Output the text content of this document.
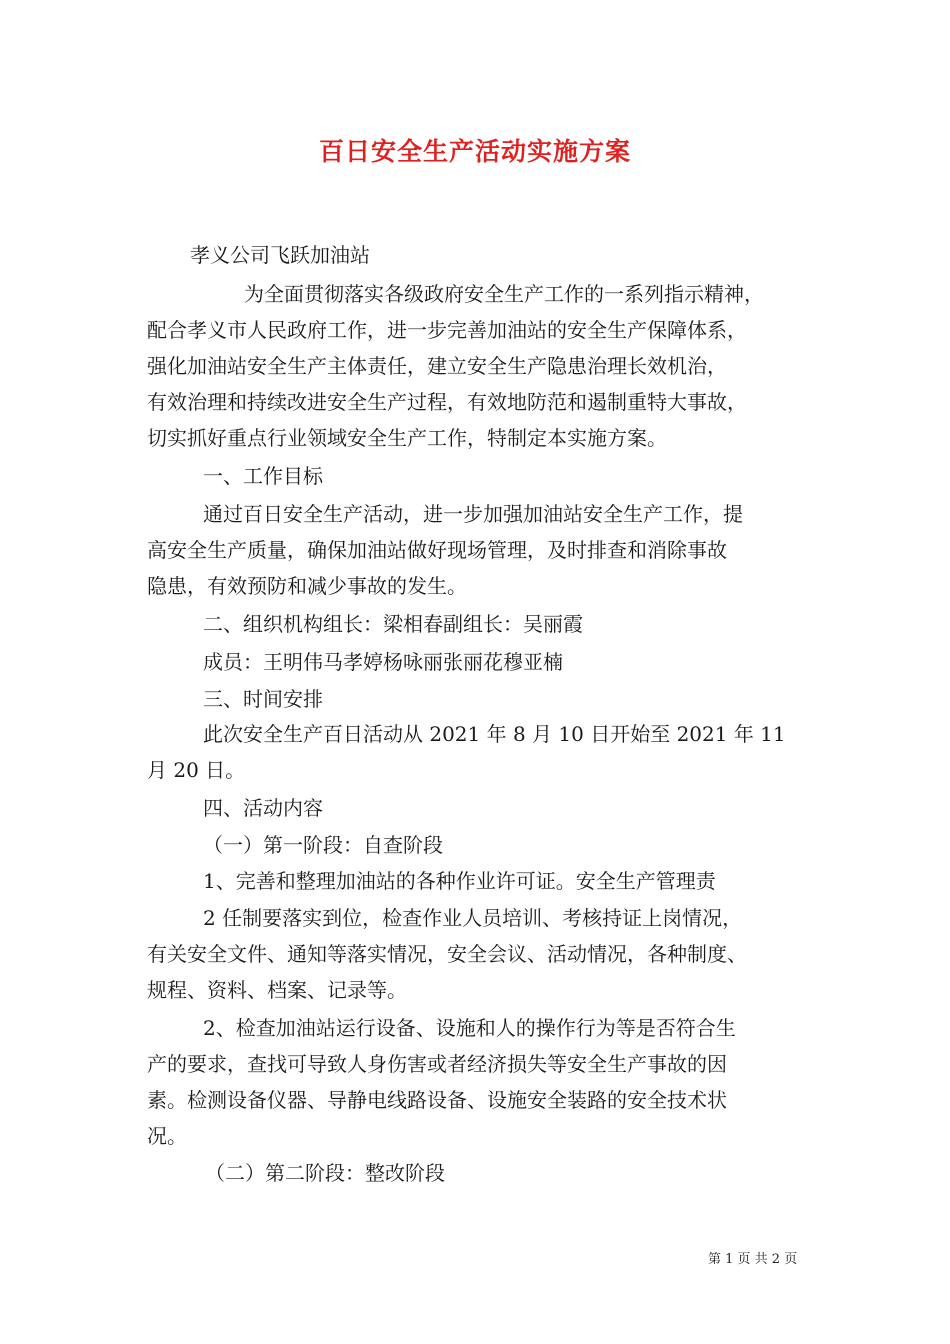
百日安全生产活动实施方案
孝义公司飞跃加油站
为全面贯彻落实各级政府安全生产工作的一系列指示精神，
配合孝义市人民政府工作，进一步完善加油站的安全生产保障体系，
强化加油站安全生产主体责任，建立安全生产隐患治理长效机治，
有效治理和持续改进安全生产过程，有效地防范和遏制重特大事故，
切实抓好重点行业领域安全生产工作，特制定本实施方案。
一、工作目标
通过百日安全生产活动，进一步加强加油站安全生产工作，提
高安全生产质量，确保加油站做好现场管理，及时排查和消除事故
隐患，有效预防和减少事故的发生。
二、组织机构组长：梁相春副组长：吴丽霞
成员：王明伟马孝婷杨咏丽张丽花穆亚楠
三、时间安排
此次安全生产百日活动从 2021 年 8 月 10 日开始至 2021 年 11
月 20 日。
四、活动内容
（一）第一阶段：自查阶段
1、完善和整理加油站的各种作业许可证。安全生产管理责
2 任制要落实到位，检查作业人员培训、考核持证上岗情况，
有关安全文件、通知等落实情况，安全会议、活动情况，各种制度、
规程、资料、档案、记录等。
2、检查加油站运行设备、设施和人的操作行为等是否符合生
产的要求，查找可导致人身伤害或者经济损失等安全生产事故的因
素。检测设备仪器、导静电线路设备、设施安全装路的安全技术状
况。
（二）第二阶段：整改阶段
第 1 页 共 2 页
